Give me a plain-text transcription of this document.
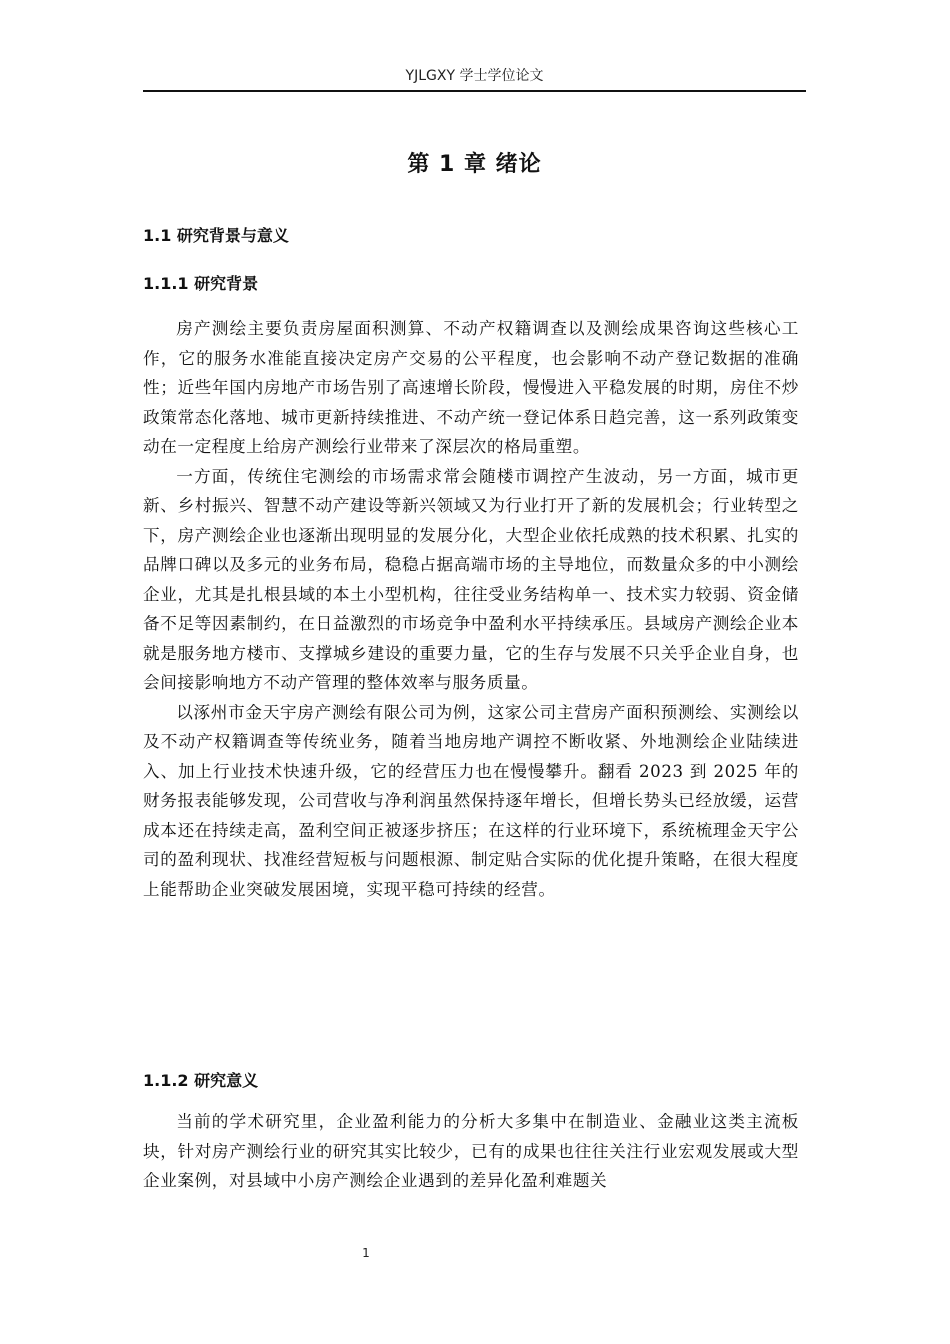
YJLGXY 学士学位论文
第 1 章 绪论
1.1 研究背景与意义
1.1.1 研究背景

房产测绘主要负责房屋面积测算、不动产权籍调查以及测绘成果咨询这些核心工作，它的服务水准能直接决定房产交易的公平程度，也会影响不动产登记数据的准确性；近些年国内房地产市场告别了高速增长阶段，慢慢进入平稳发展的时期，房住不炒政策常态化落地、城市更新持续推进、不动产统一登记体系日趋完善，这一系列政策变动在一定程度上给房产测绘行业带来了深层次的格局重塑。

一方面，传统住宅测绘的市场需求常会随楼市调控产生波动，另一方面，城市更新、乡村振兴、智慧不动产建设等新兴领域又为行业打开了新的发展机会；行业转型之下，房产测绘企业也逐渐出现明显的发展分化，大型企业依托成熟的技术积累、扎实的品牌口碑以及多元的业务布局，稳稳占据高端市场的主导地位，而数量众多的中小测绘企业，尤其是扎根县域的本土小型机构，往往受业务结构单一、技术实力较弱、资金储备不足等因素制约，在日益激烈的市场竞争中盈利水平持续承压。县域房产测绘企业本就是服务地方楼市、支撑城乡建设的重要力量，它的生存与发展不只关乎企业自身，也会间接影响地方不动产管理的整体效率与服务质量。

以涿州市金天宇房产测绘有限公司为例，这家公司主营房产面积预测绘、实测绘以及不动产权籍调查等传统业务，随着当地房地产调控不断收紧、外地测绘企业陆续进入、加上行业技术快速升级，它的经营压力也在慢慢攀升。翻看 2023 到 2025 年的财务报表能够发现，公司营收与净利润虽然保持逐年增长，但增长势头已经放缓，运营成本还在持续走高，盈利空间正被逐步挤压；在这样的行业环境下，系统梳理金天宇公司的盈利现状、找准经营短板与问题根源、制定贴合实际的优化提升策略，在很大程度上能帮助企业突破发展困境，实现平稳可持续的经营。

1.1.2 研究意义

当前的学术研究里，企业盈利能力的分析大多集中在制造业、金融业这类主流板块，针对房产测绘行业的研究其实比较少，已有的成果也往往关注行业宏观发展或大型企业案例，对县域中小房产测绘企业遇到的差异化盈利难题关

1
